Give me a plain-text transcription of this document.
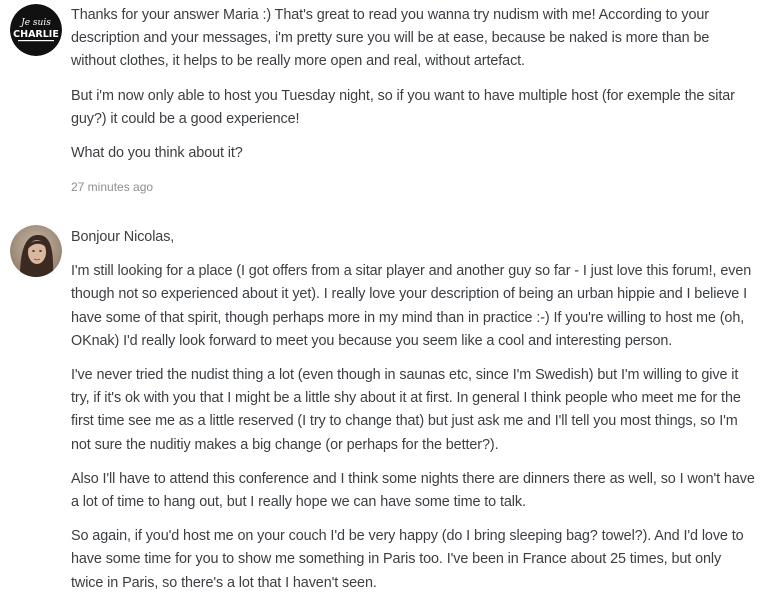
Je suis
CHARLIE

Thanks for your answer Maria :) That's great to read you wanna try nudism with me! According to your description and your messages, i'm pretty sure you will be at ease, because be naked is more than be without clothes, it helps to be really more open and real, without artefact.

But i'm now only able to host you Tuesday night, so if you want to have multiple host (for exemple the sitar guy?) it could be a good experience!

What do you think about it?

27 minutes ago

Bonjour Nicolas,

I'm still looking for a place (I got offers from a sitar player and another guy so far - I just love this forum!, even though not so experienced about it yet). I really love your description of being an urban hippie and I believe I have some of that spirit, though perhaps more in my mind than in practice :-) If you're willing to host me (oh, OKnak) I'd really look forward to meet you because you seem like a cool and interesting person.

I've never tried the nudist thing a lot (even though in saunas etc, since I'm Swedish) but I'm willing to give it try, if it's ok with you that I might be a little shy about it at first. In general I think people who meet me for the first time see me as a little reserved (I try to change that) but just ask me and I'll tell you most things, so I'm not sure the nuditiy makes a big change (or perhaps for the better?).

Also I'll have to attend this conference and I think some nights there are dinners there as well, so I won't have a lot of time to hang out, but I really hope we can have some time to talk.

So again, if you'd host me on your couch I'd be very happy (do I bring sleeping bag? towel?). And I'd love to have some time for you to show me something in Paris too. I've been in France about 25 times, but only twice in Paris, so there's a lot that I haven't seen.
